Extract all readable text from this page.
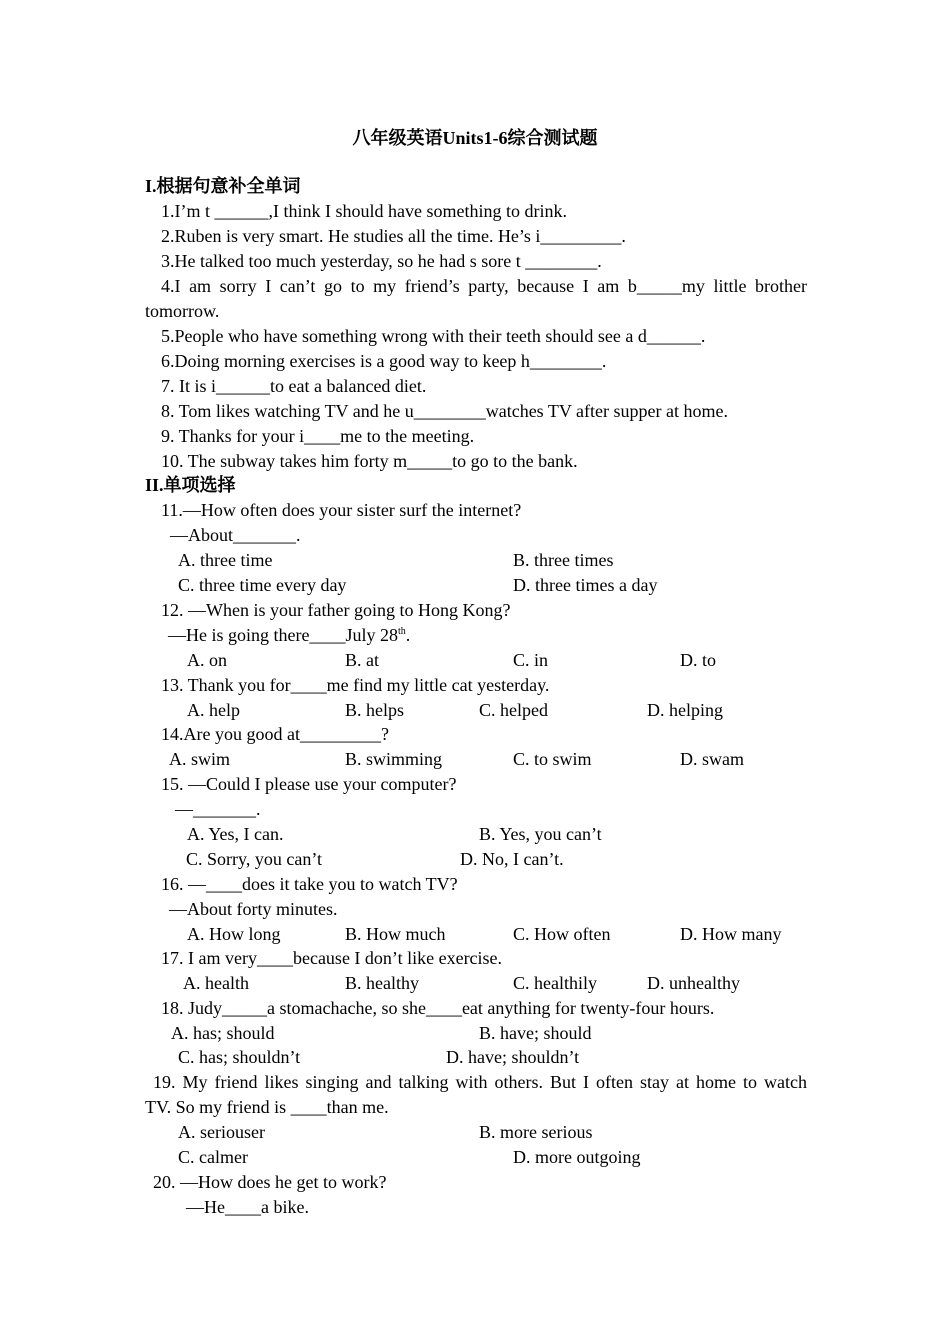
八年级英语Units1-6综合测试题
I.根据句意补全单词
1.I’m t ______,I think I should have something to drink.
2.Ruben is very smart. He studies all the time. He’s i_________.
3.He talked too much yesterday, so he had s sore t ________.
4.I am sorry I can’t go to my friend’s party, because I am b_____my little brother
tomorrow.
5.People who have something wrong with their teeth should see a d______.
6.Doing morning exercises is a good way to keep h________.
7. It is i______to eat a balanced diet.
8. Tom likes watching TV and he u________watches TV after supper at home.
9. Thanks for your i____me to the meeting.
10. The subway takes him forty m_____to go to the bank.
II.单项选择
11.—How often does your sister surf the internet?
—About_______.
A. three time	B. three times
C. three time every day	D. three times a day
12. —When is your father going to Hong Kong?
—He is going there____July 28th.
A. on	B. at	C. in	D. to
13. Thank you for____me find my little cat yesterday.
A. help	B. helps	C. helped	D. helping
14.Are you good at_________?
A. swim	B. swimming	C. to swim	D. swam
15. —Could I please use your computer?
—_______.
A. Yes, I can.	B. Yes, you can’t
C. Sorry, you can’t	D. No, I can’t.
16. —____does it take you to watch TV?
—About forty minutes.
A. How long	B. How much	C. How often	D. How many
17. I am very____because I don’t like exercise.
A. health	B. healthy	C. healthily	D. unhealthy
18. Judy_____a stomachache, so she____eat anything for twenty-four hours.
A. has; should	B. have; should
C. has; shouldn’t	D. have; shouldn’t
19. My friend likes singing and talking with others. But I often stay at home to watch
TV. So my friend is ____than me.
A. seriouser	B. more serious
C. calmer	D. more outgoing
20. —How does he get to work?
—He____a bike.
